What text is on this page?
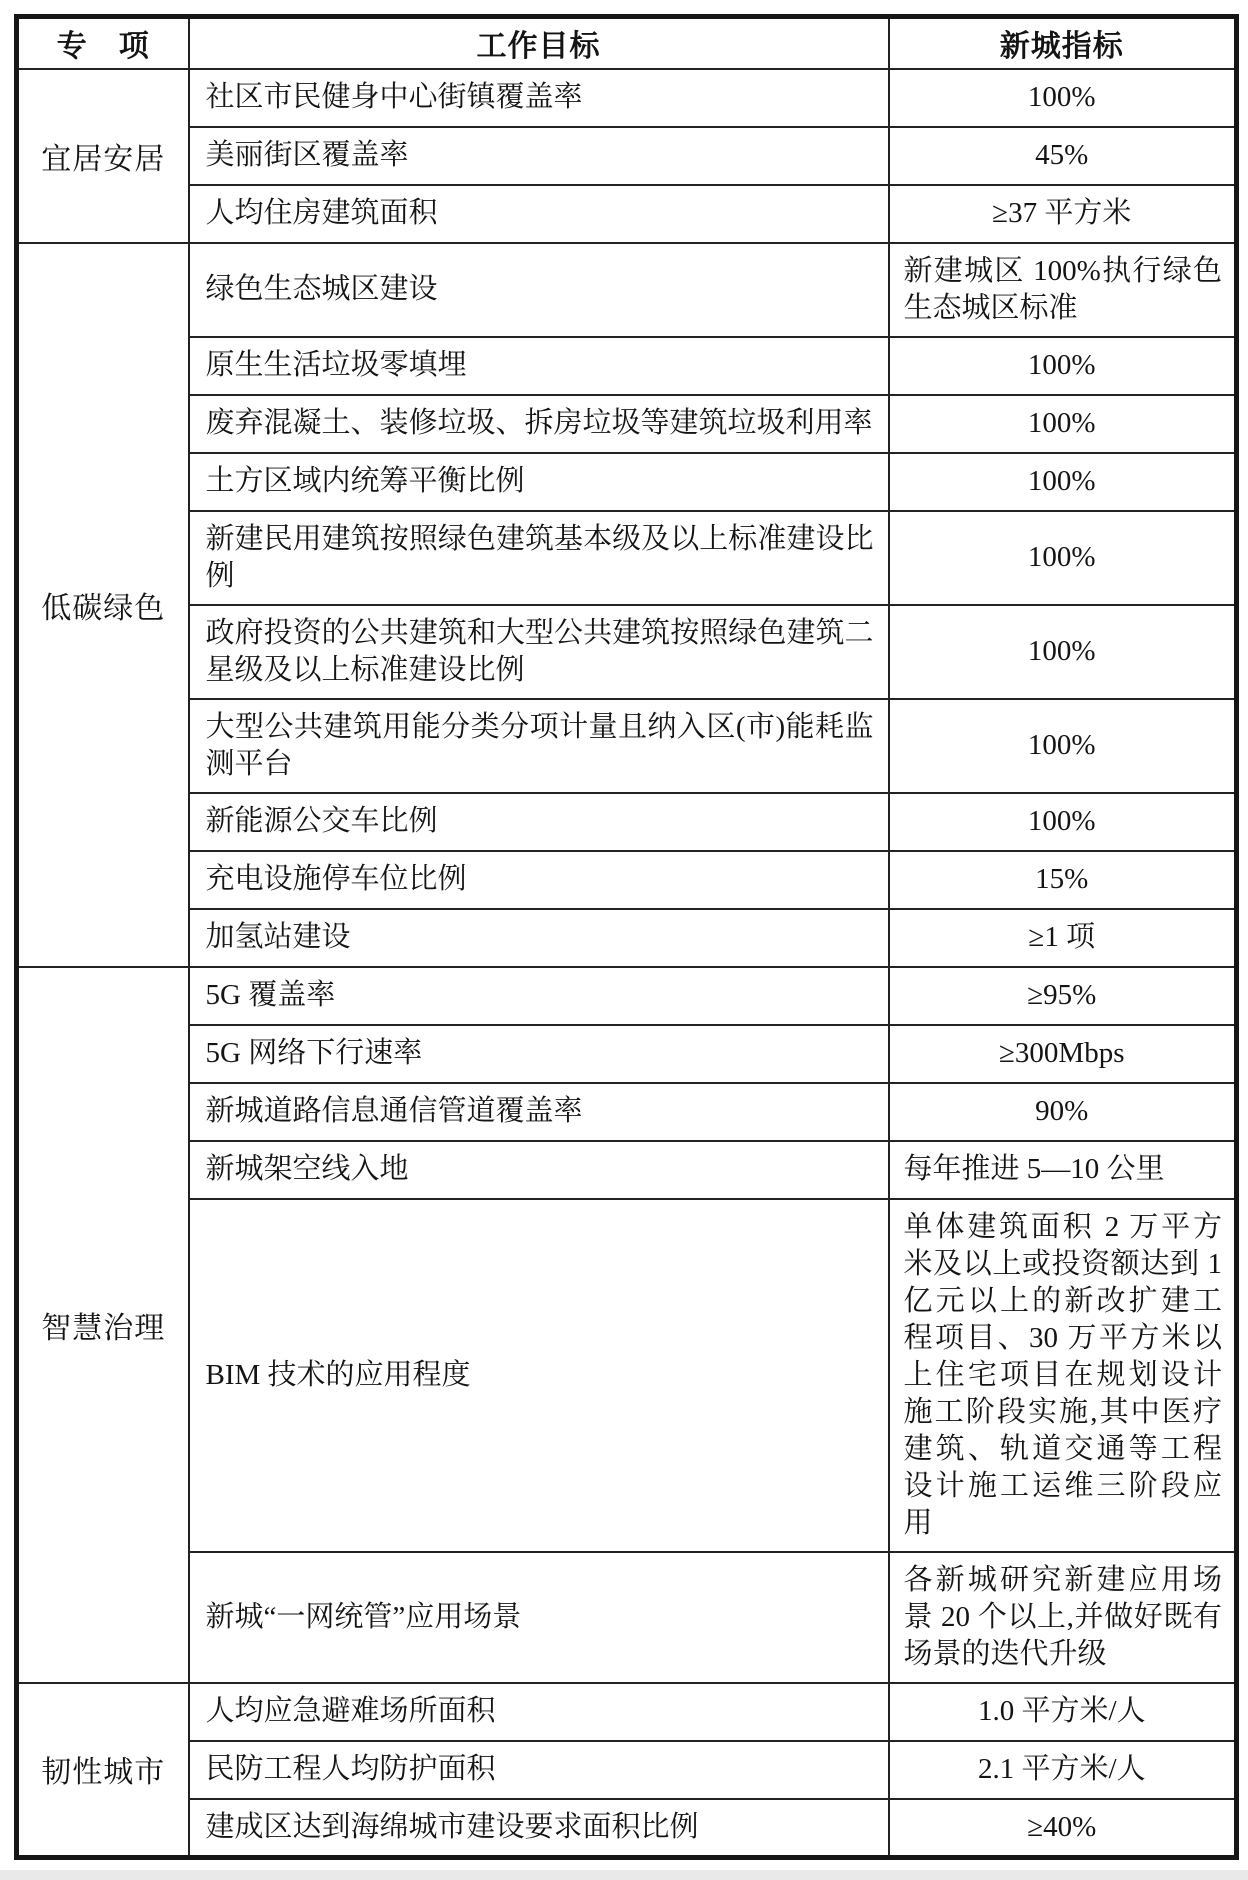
专　项	工作目标	新城指标
宜居安居	社区市民健身中心街镇覆盖率	100%
	美丽街区覆盖率	45%
	人均住房建筑面积	≥37 平方米
低碳绿色	绿色生态城区建设	新建城区 100%执行绿色生态城区标准
	原生生活垃圾零填埋	100%
	废弃混凝土、装修垃圾、拆房垃圾等建筑垃圾利用率	100%
	土方区域内统筹平衡比例	100%
	新建民用建筑按照绿色建筑基本级及以上标准建设比例	100%
	政府投资的公共建筑和大型公共建筑按照绿色建筑二星级及以上标准建设比例	100%
	大型公共建筑用能分类分项计量且纳入区(市)能耗监测平台	100%
	新能源公交车比例	100%
	充电设施停车位比例	15%
	加氢站建设	≥1 项
智慧治理	5G 覆盖率	≥95%
	5G 网络下行速率	≥300Mbps
	新城道路信息通信管道覆盖率	90%
	新城架空线入地	每年推进 5—10 公里
	BIM 技术的应用程度	单体建筑面积 2 万平方米及以上或投资额达到 1 亿元以上的新改扩建工程项目、30 万平方米以上住宅项目在规划设计施工阶段实施,其中医疗建筑、轨道交通等工程设计施工运维三阶段应用
	新城“一网统管”应用场景	各新城研究新建应用场景 20 个以上,并做好既有场景的迭代升级
韧性城市	人均应急避难场所面积	1.0 平方米/人
	民防工程人均防护面积	2.1 平方米/人
	建成区达到海绵城市建设要求面积比例	≥40%
